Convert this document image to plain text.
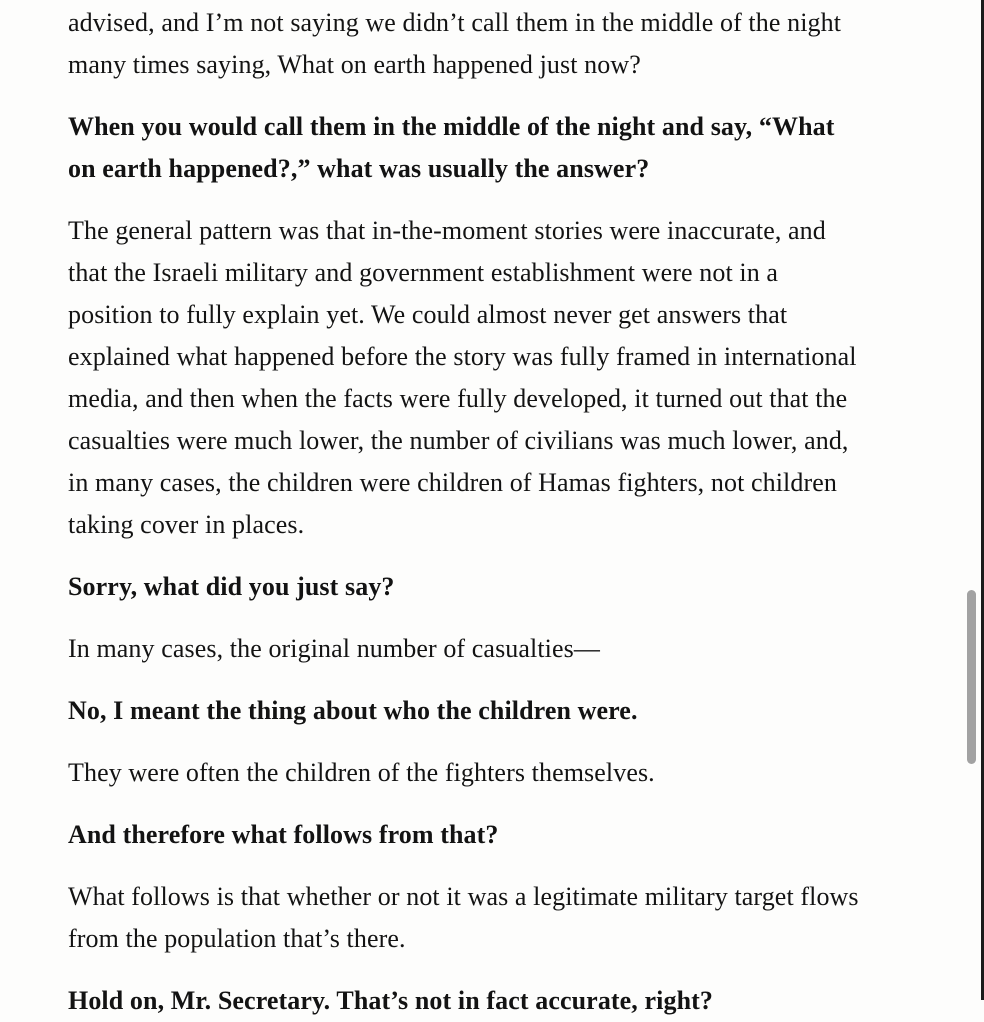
advised, and I’m not saying we didn’t call them in the middle of the night many times saying, What on earth happened just now?

When you would call them in the middle of the night and say, “What on earth happened?,” what was usually the answer?

The general pattern was that in-the-moment stories were inaccurate, and that the Israeli military and government establishment were not in a position to fully explain yet. We could almost never get answers that explained what happened before the story was fully framed in international media, and then when the facts were fully developed, it turned out that the casualties were much lower, the number of civilians was much lower, and, in many cases, the children were children of Hamas fighters, not children taking cover in places.

Sorry, what did you just say?

In many cases, the original number of casualties—

No, I meant the thing about who the children were.

They were often the children of the fighters themselves.

And therefore what follows from that?

What follows is that whether or not it was a legitimate military target flows from the population that’s there.

Hold on, Mr. Secretary. That’s not in fact accurate, right?
